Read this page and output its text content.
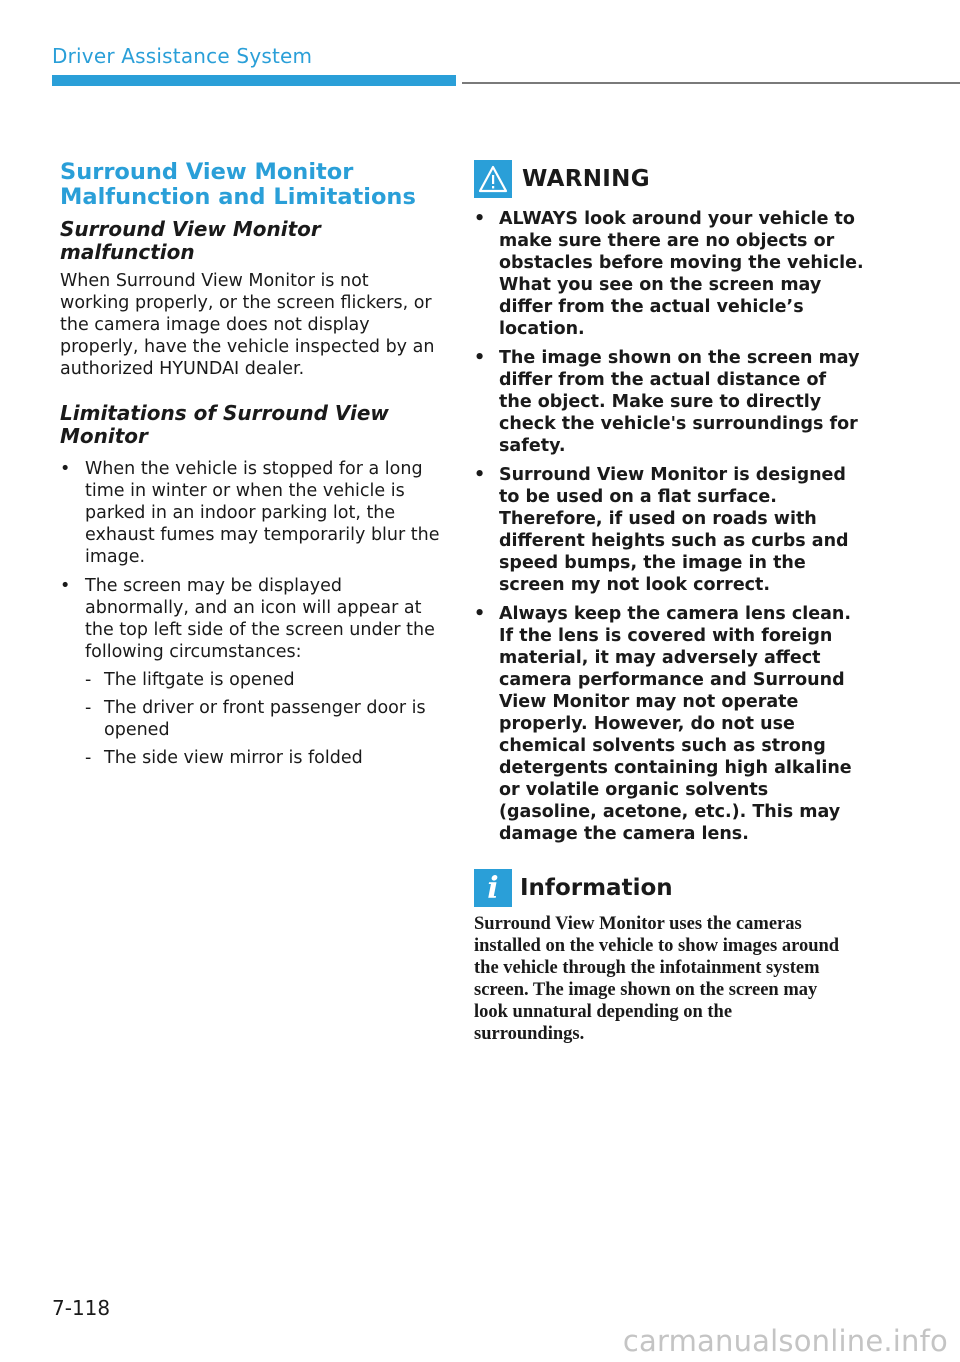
Driver Assistance System
Surround View Monitor
Malfunction and Limitations
Surround View Monitor malfunction

When Surround View Monitor is not working properly, or the screen flickers, or the camera image does not display properly, have the vehicle inspected by an authorized HYUNDAI dealer.

Limitations of Surround View Monitor
• When the vehicle is stopped for a long time in winter or when the vehicle is parked in an indoor parking lot, the exhaust fumes may temporarily blur the image.
• The screen may be displayed abnormally, and an icon will appear at the top left side of the screen under the following circumstances:
- The liftgate is opened
- The driver or front passenger door is opened
- The side view mirror is folded
WARNING
• ALWAYS look around your vehicle to make sure there are no objects or obstacles before moving the vehicle. What you see on the screen may differ from the actual vehicle’s location.
• The image shown on the screen may differ from the actual distance of the object. Make sure to directly check the vehicle's surroundings for safety.
• Surround View Monitor is designed to be used on a flat surface. Therefore, if used on roads with different heights such as curbs and speed bumps, the image in the screen my not look correct.
• Always keep the camera lens clean. If the lens is covered with foreign material, it may adversely affect camera performance and Surround View Monitor may not operate properly. However, do not use chemical solvents such as strong detergents containing high alkaline or volatile organic solvents (gasoline, acetone, etc.). This may damage the camera lens.
i Information

Surround View Monitor uses the cameras installed on the vehicle to show images around the vehicle through the infotainment system screen. The image shown on the screen may look unnatural depending on the surroundings.

7-118
carmanualsonline.info
